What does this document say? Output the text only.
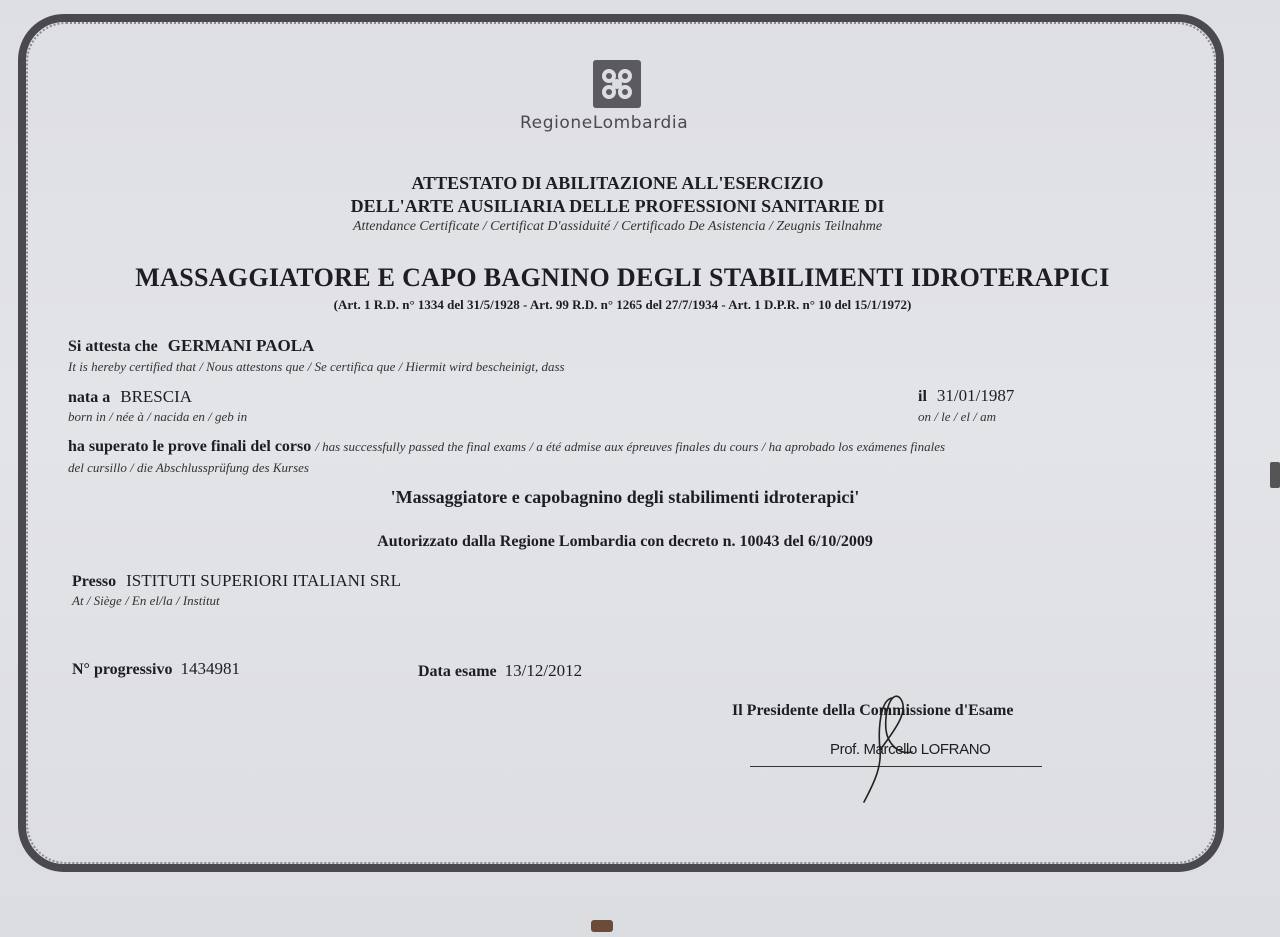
RegioneLombardia
ATTESTATO DI ABILITAZIONE ALL'ESERCIZIO
DELL'ARTE AUSILIARIA DELLE PROFESSIONI SANITARIE DI
Attendance Certificate / Certificat D'assiduité / Certificado De Asistencia / Zeugnis Teilnahme
MASSAGGIATORE E CAPO BAGNINO DEGLI STABILIMENTI IDROTERAPICI
(Art. 1 R.D. n° 1334 del 31/5/1928 - Art. 99 R.D. n° 1265 del 27/7/1934 - Art. 1 D.P.R. n° 10 del 15/1/1972)
Si attesta che GERMANI PAOLA
It is hereby certified that / Nous attestons que / Se certifica que / Hiermit wird bescheinigt, dass
nata a BRESCIA
born in / née à / nacida en / geb in
il 31/01/1987
on / le / el / am
ha superato le prove finali del corso / has successfully passed the final exams / a été admise aux épreuves finales du cours / ha aprobado los exámenes finales
del cursillo / die Abschlussprüfung des Kurses
'Massaggiatore e capobagnino degli stabilimenti idroterapici'
Autorizzato dalla Regione Lombardia con decreto n. 10043 del 6/10/2009
Presso ISTITUTI SUPERIORI ITALIANI SRL
At / Siège / En el/la / Institut
N° progressivo 1434981	Data esame 13/12/2012
Il Presidente della Commissione d'Esame
Prof. Marcello LOFRANO
